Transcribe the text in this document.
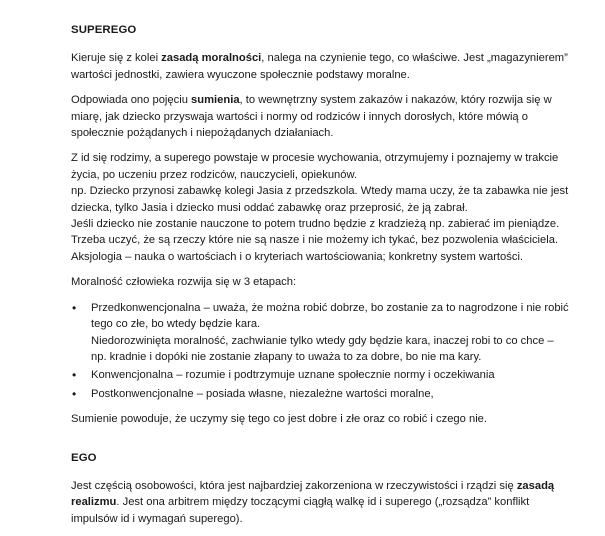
SUPEREGO

Kieruje się z kolei zasadą moralności, nalega na czynienie tego, co właściwe. Jest „magazynierem” wartości jednostki, zawiera wyuczone społecznie podstawy moralne.

Odpowiada ono pojęciu sumienia, to wewnętrzny system zakazów i nakazów, który rozwija się w miarę, jak dziecko przyswaja wartości i normy od rodziców i innych dorosłych, które mówią o społecznie pożądanych i niepożądanych działaniach.

Z id się rodzimy, a superego powstaje w procesie wychowania, otrzymujemy i poznajemy w trakcie życia, po uczeniu przez rodziców, nauczycieli, opiekunów.
np. Dziecko przynosi zabawkę kolegi Jasia z przedszkola. Wtedy mama uczy, że ta zabawka nie jest dziecka, tylko Jasia i dziecko musi oddać zabawkę oraz przeprosić, że ją zabrał.
Jeśli dziecko nie zostanie nauczone to potem trudno będzie z kradzieżą np. zabierać im pieniądze. Trzeba uczyć, że są rzeczy które nie są nasze i nie możemy ich tykać, bez pozwolenia właściciela.
Aksjologia – nauka o wartościach i o kryteriach wartościowania; konkretny system wartości.

Moralność człowieka rozwija się w 3 etapach:

• Przedkonwencjonalna – uważa, że można robić dobrze, bo zostanie za to nagrodzone i nie robić tego co złe, bo wtedy będzie kara.
Niedorozwinięta moralność, zachwianie tylko wtedy gdy będzie kara, inaczej robi to co chce – np. kradnie i dopóki nie zostanie złapany to uważa to za dobre, bo nie ma kary.
• Konwencjonalna – rozumie i podtrzymuje uznane społecznie normy i oczekiwania
• Postkonwencjonalne – posiada własne, niezależne wartości moralne,

Sumienie powoduje, że uczymy się tego co jest dobre i złe oraz co robić i czego nie.

EGO

Jest częścią osobowości, która jest najbardziej zakorzeniona w rzeczywistości i rządzi się zasadą realizmu. Jest ona arbitrem między toczącymi ciągłą walkę id i superego („rozsądza” konflikt impulsów id i wymagań superego).
